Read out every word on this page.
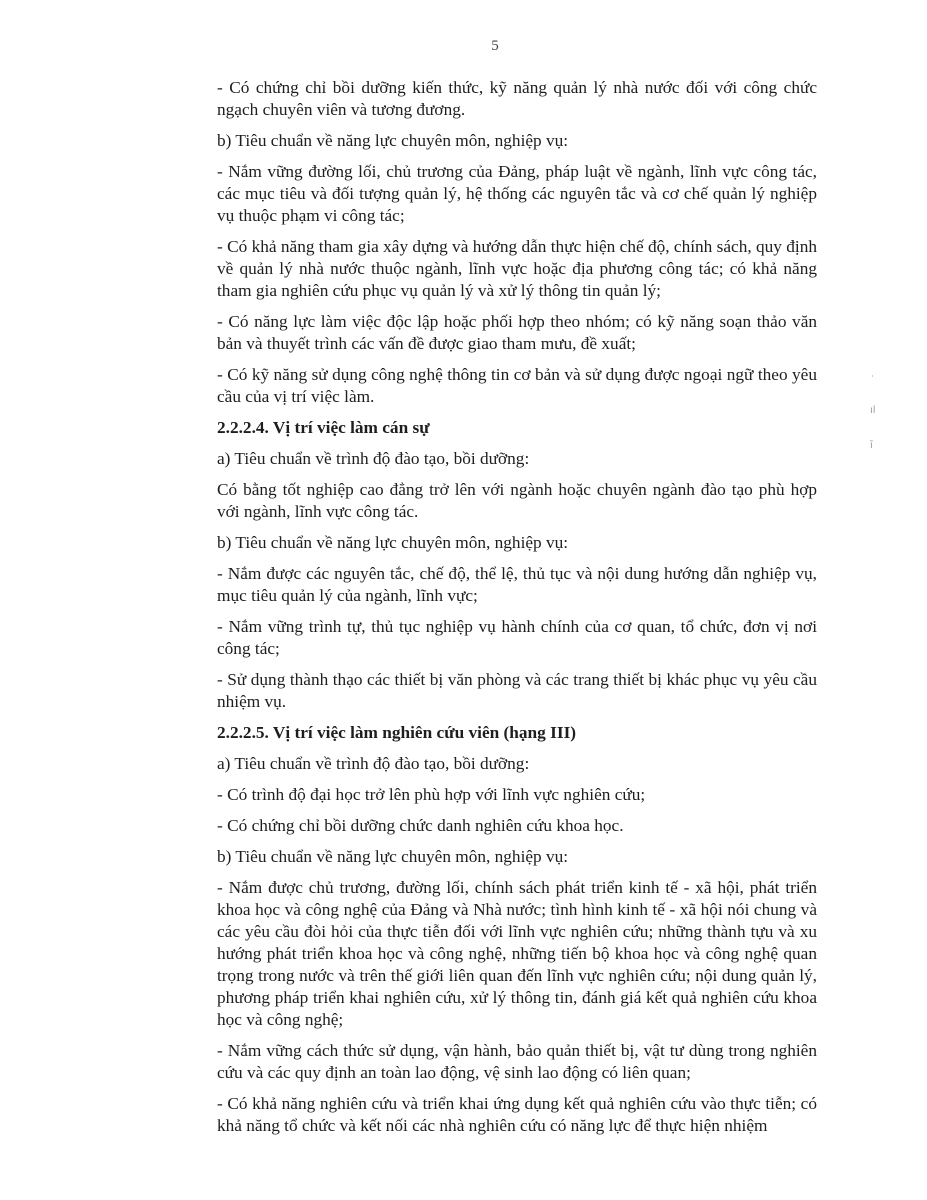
5

- Có chứng chỉ bồi dưỡng kiến thức, kỹ năng quản lý nhà nước đối với công chức ngạch chuyên viên và tương đương.

b) Tiêu chuẩn về năng lực chuyên môn, nghiệp vụ:

- Nắm vững đường lối, chủ trương của Đảng, pháp luật về ngành, lĩnh vực công tác, các mục tiêu và đối tượng quản lý, hệ thống các nguyên tắc và cơ chế quản lý nghiệp vụ thuộc phạm vi công tác;

- Có khả năng tham gia xây dựng và hướng dẫn thực hiện chế độ, chính sách, quy định về quản lý nhà nước thuộc ngành, lĩnh vực hoặc địa phương công tác; có khả năng tham gia nghiên cứu phục vụ quản lý và xử lý thông tin quản lý;

- Có năng lực làm việc độc lập hoặc phối hợp theo nhóm; có kỹ năng soạn thảo văn bản và thuyết trình các vấn đề được giao tham mưu, đề xuất;

- Có kỹ năng sử dụng công nghệ thông tin cơ bản và sử dụng được ngoại ngữ theo yêu cầu của vị trí việc làm.

2.2.2.4. Vị trí việc làm cán sự

a) Tiêu chuẩn về trình độ đào tạo, bồi dưỡng:

Có bằng tốt nghiệp cao đẳng trở lên với ngành hoặc chuyên ngành đào tạo phù hợp với ngành, lĩnh vực công tác.

b) Tiêu chuẩn về năng lực chuyên môn, nghiệp vụ:

- Nắm được các nguyên tắc, chế độ, thể lệ, thủ tục và nội dung hướng dẫn nghiệp vụ, mục tiêu quản lý của ngành, lĩnh vực;

- Nắm vững trình tự, thủ tục nghiệp vụ hành chính của cơ quan, tổ chức, đơn vị nơi công tác;

- Sử dụng thành thạo các thiết bị văn phòng và các trang thiết bị khác phục vụ yêu cầu nhiệm vụ.

2.2.2.5. Vị trí việc làm nghiên cứu viên (hạng III)

a) Tiêu chuẩn về trình độ đào tạo, bồi dưỡng:

- Có trình độ đại học trở lên phù hợp với lĩnh vực nghiên cứu;

- Có chứng chỉ bồi dưỡng chức danh nghiên cứu khoa học.

b) Tiêu chuẩn về năng lực chuyên môn, nghiệp vụ:

- Nắm được chủ trương, đường lối, chính sách phát triển kinh tế - xã hội, phát triển khoa học và công nghệ của Đảng và Nhà nước; tình hình kinh tế - xã hội nói chung và các yêu cầu đòi hỏi của thực tiễn đối với lĩnh vực nghiên cứu; những thành tựu và xu hướng phát triển khoa học và công nghệ, những tiến bộ khoa học và công nghệ quan trọng trong nước và trên thế giới liên quan đến lĩnh vực nghiên cứu; nội dung quản lý, phương pháp triển khai nghiên cứu, xử lý thông tin, đánh giá kết quả nghiên cứu khoa học và công nghệ;

- Nắm vững cách thức sử dụng, vận hành, bảo quản thiết bị, vật tư dùng trong nghiên cứu và các quy định an toàn lao động, vệ sinh lao động có liên quan;

- Có khả năng nghiên cứu và triển khai ứng dụng kết quả nghiên cứu vào thực tiễn; có khả năng tổ chức và kết nối các nhà nghiên cứu có năng lực để thực hiện nhiệm

˙
ıl
ī
